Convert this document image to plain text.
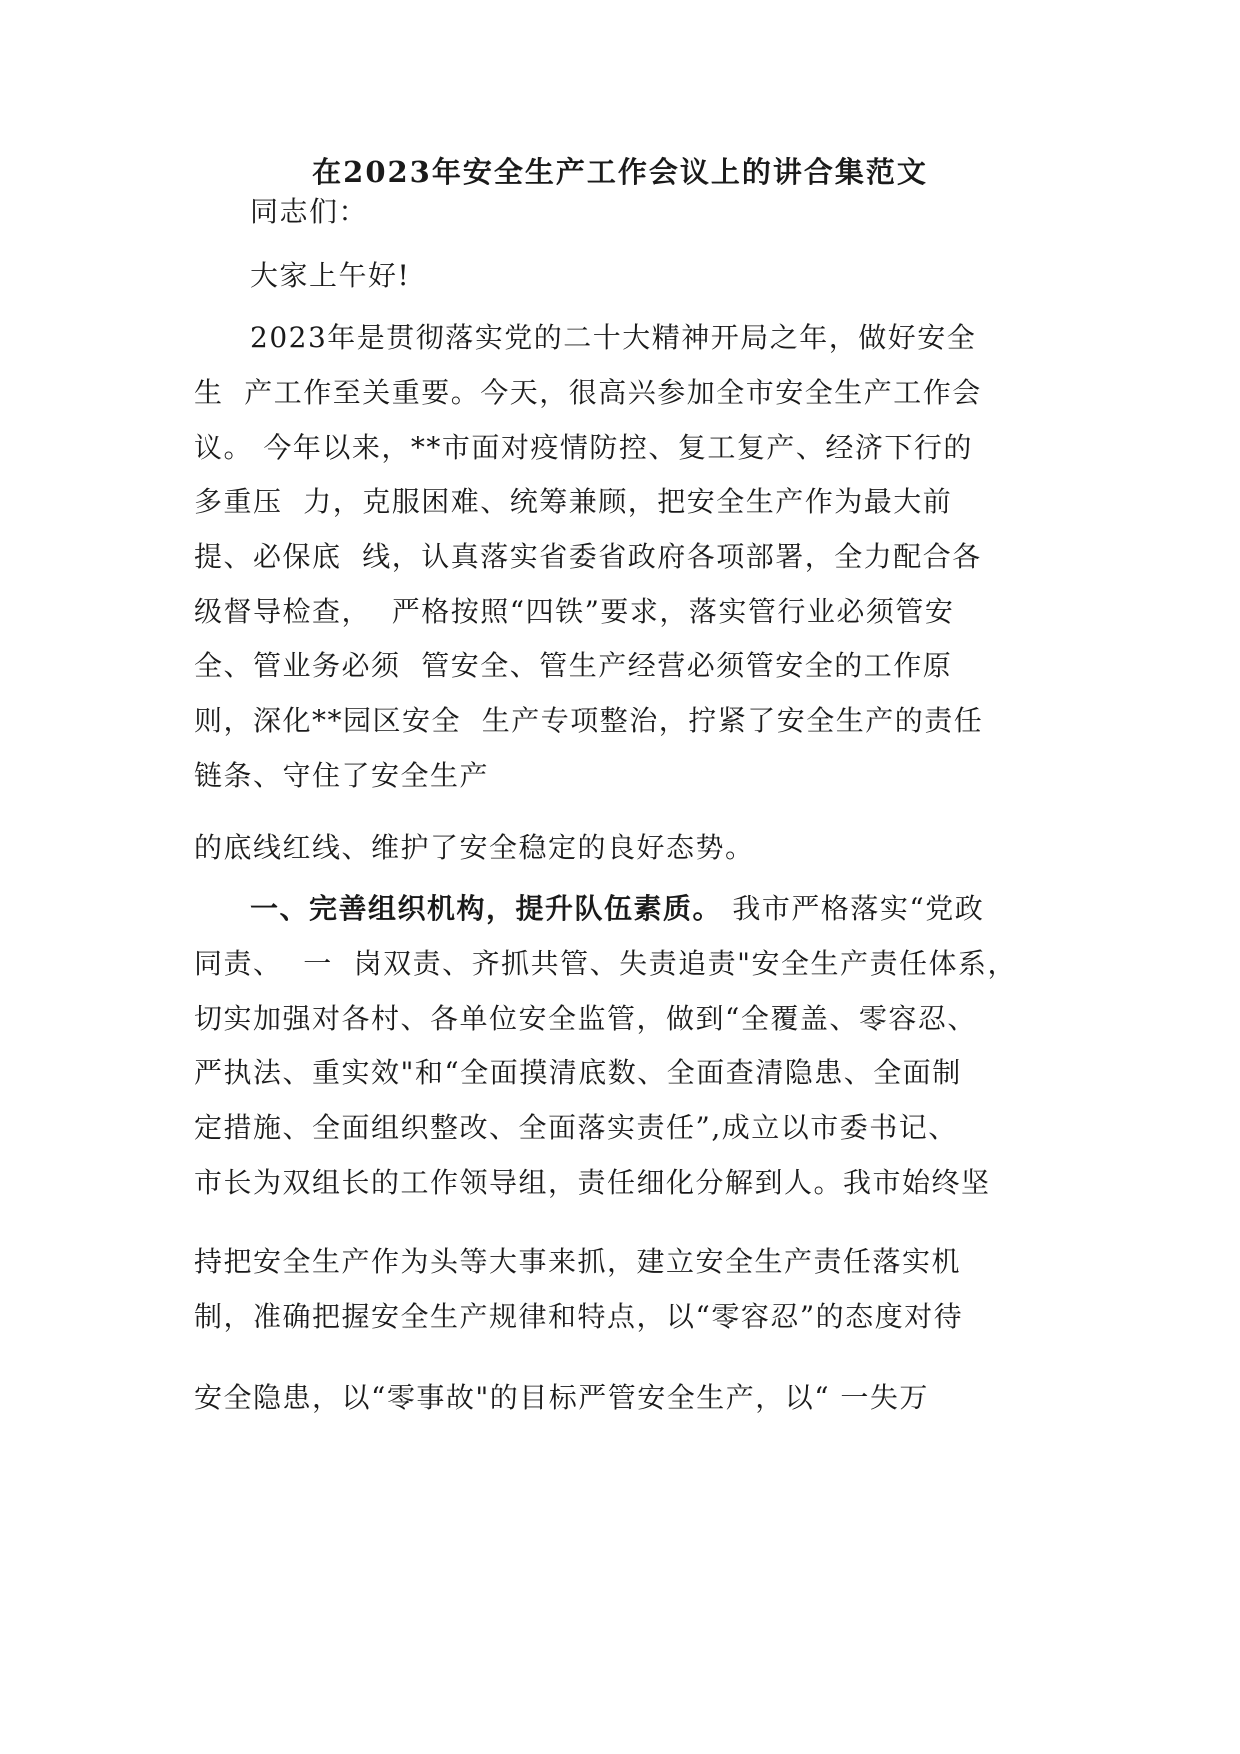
在2023年安全生产工作会议上的讲合集范文
同志们：
大家上午好!
2023年是贯彻落实党的二十大精神开局之年，做好安全
生  产工作至关重要。今天，很高兴参加全市安全生产工作会
议。 今年以来，**市面对疫情防控、复工复产、经济下行的
多重压  力，克服困难、统筹兼顾，把安全生产作为最大前
提、必保底  线，认真落实省委省政府各项部署，全力配合各
级督导检查，  严格按照“四铁”要求，落实管行业必须管安
全、管业务必须  管安全、管生产经营必须管安全的工作原
则，深化**园区安全  生产专项整治，拧紧了安全生产的责任
链条、守住了安全生产
的底线红线、维护了安全稳定的良好态势。
一、完善组织机构，提升队伍素质。 我市严格落实“党政
同责、  一  岗双责、齐抓共管、失责追责"安全生产责任体系，
切实加强对各村、各单位安全监管，做到“全覆盖、零容忍、
严执法、重实效"和“全面摸清底数、全面查清隐患、全面制
定措施、全面组织整改、全面落实责任”,成立以市委书记、
市长为双组长的工作领导组，责任细化分解到人。我市始终坚
持把安全生产作为头等大事来抓，建立安全生产责任落实机
制，准确把握安全生产规律和特点，以“零容忍”的态度对待
安全隐患，以“零事故"的目标严管安全生产，以“ 一失万
